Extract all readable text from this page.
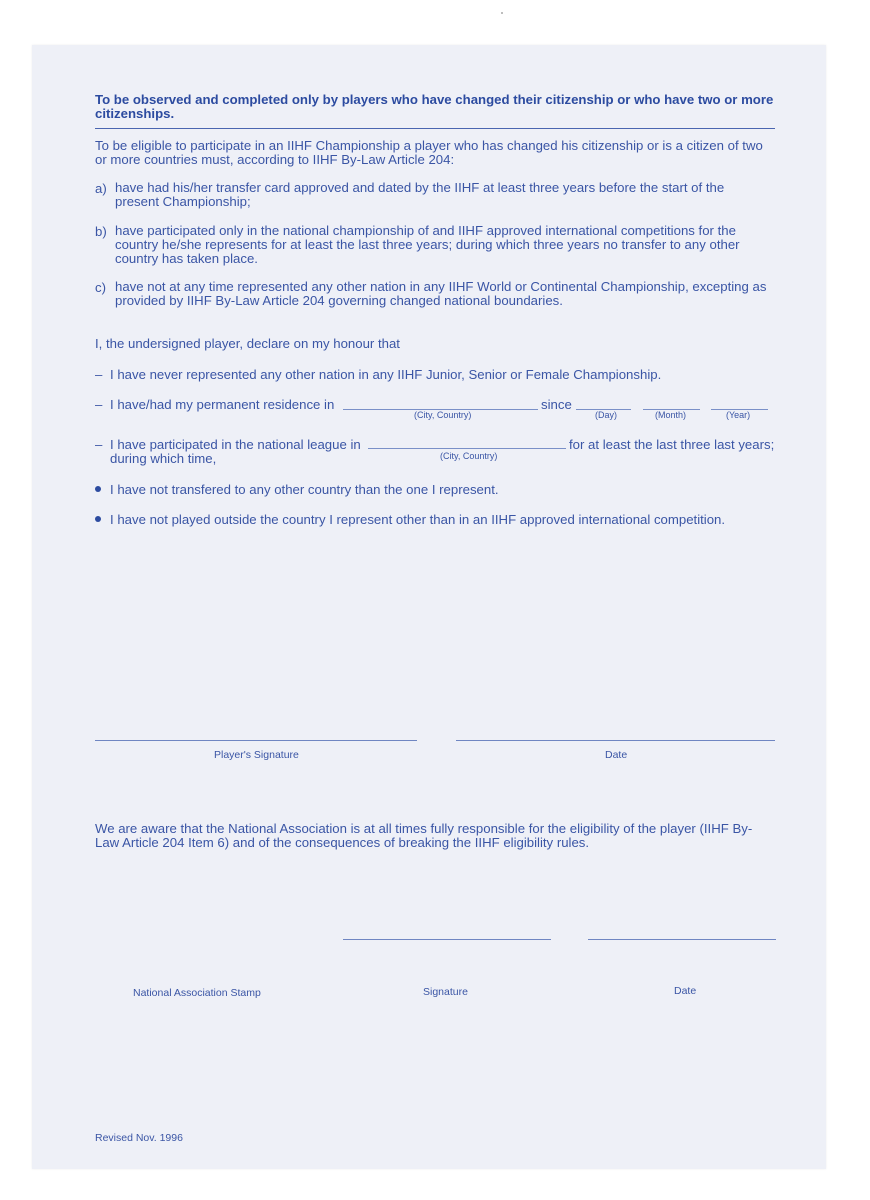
To be observed and completed only by players who have changed their citizenship or who have two or more citizenships.
To be eligible to participate in an IIHF Championship a player who has changed his citizenship or is a citizen of two or more countries must, according to IIHF By-Law Article 204:
a) have had his/her transfer card approved and dated by the IIHF at least three years before the start of the present Championship;
b) have participated only in the national championship of and IIHF approved international competitions for the country he/she represents for at least the last three years; during which three years no transfer to any other country has taken place.
c) have not at any time represented any other nation in any IIHF World or Continental Championship, excepting as provided by IIHF By-Law Article 204 governing changed national boundaries.
I, the undersigned player, declare on my honour that
– I have never represented any other nation in any IIHF Junior, Senior or Female Championship.
– I have/had my permanent residence in
(City, Country)
since
(Day)	(Month)	(Year)
– I have participated in the national league in
(City, Country)
for at least the last three last years;
during which time,
I have not transfered to any other country than the one I represent.
I have not played outside the country I represent other than in an IIHF approved international competition.
Player's Signature	Date
We are aware that the National Association is at all times fully responsible for the eligibility of the player (IIHF By-Law Article 204 Item 6) and of the consequences of breaking the IIHF eligibility rules.
National Association Stamp	Signature	Date
Revised Nov. 1996
